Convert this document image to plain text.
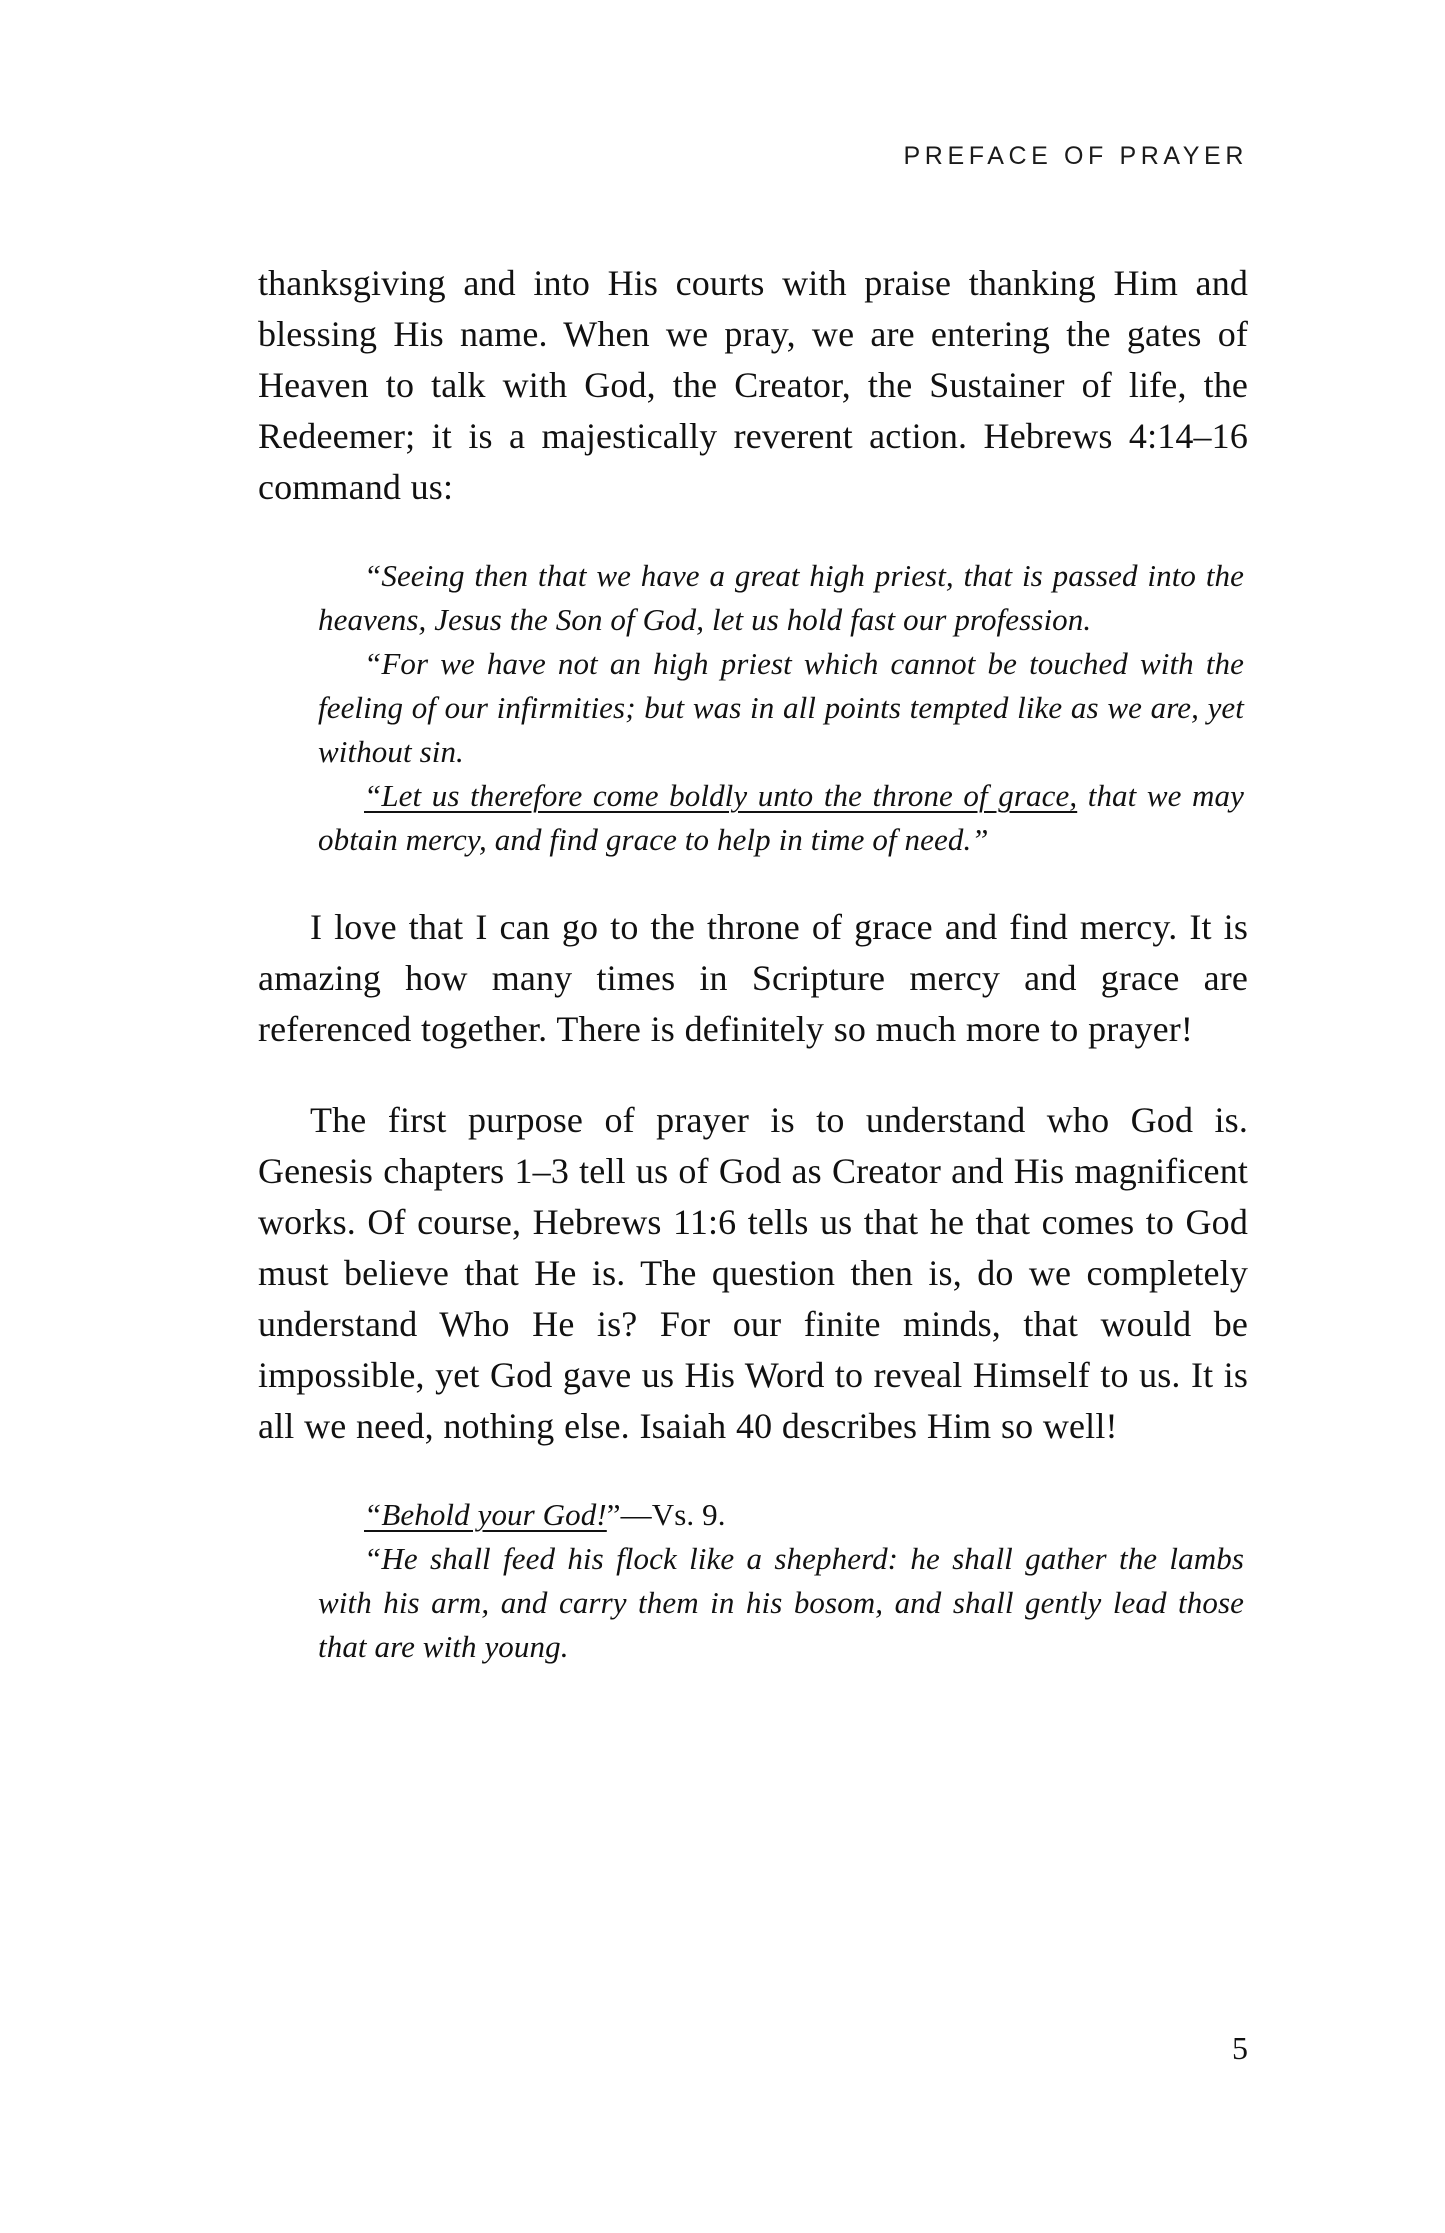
PREFACE OF PRAYER

thanksgiving and into His courts with praise thanking Him and blessing His name. When we pray, we are entering the gates of Heaven to talk with God, the Creator, the Sustainer of life, the Redeemer; it is a majestically reverent action. Hebrews 4:14–16 command us:

“Seeing then that we have a great high priest, that is passed into the heavens, Jesus the Son of God, let us hold fast our profession.

“For we have not an high priest which cannot be touched with the feeling of our infirmities; but was in all points tempted like as we are, yet without sin.

“Let us therefore come boldly unto the throne of grace, that we may obtain mercy, and find grace to help in time of need.”

I love that I can go to the throne of grace and find mercy. It is amazing how many times in Scripture mercy and grace are referenced together. There is definitely so much more to prayer!

The first purpose of prayer is to understand who God is. Genesis chapters 1–3 tell us of God as Creator and His magnificent works. Of course, Hebrews 11:6 tells us that he that comes to God must believe that He is. The question then is, do we completely understand Who He is? For our finite minds, that would be impossible, yet God gave us His Word to reveal Himself to us. It is all we need, nothing else. Isaiah 40 describes Him so well!

“Behold your God!”—Vs. 9.

“He shall feed his flock like a shepherd: he shall gather the lambs with his arm, and carry them in his bosom, and shall gently lead those that are with young.

5
